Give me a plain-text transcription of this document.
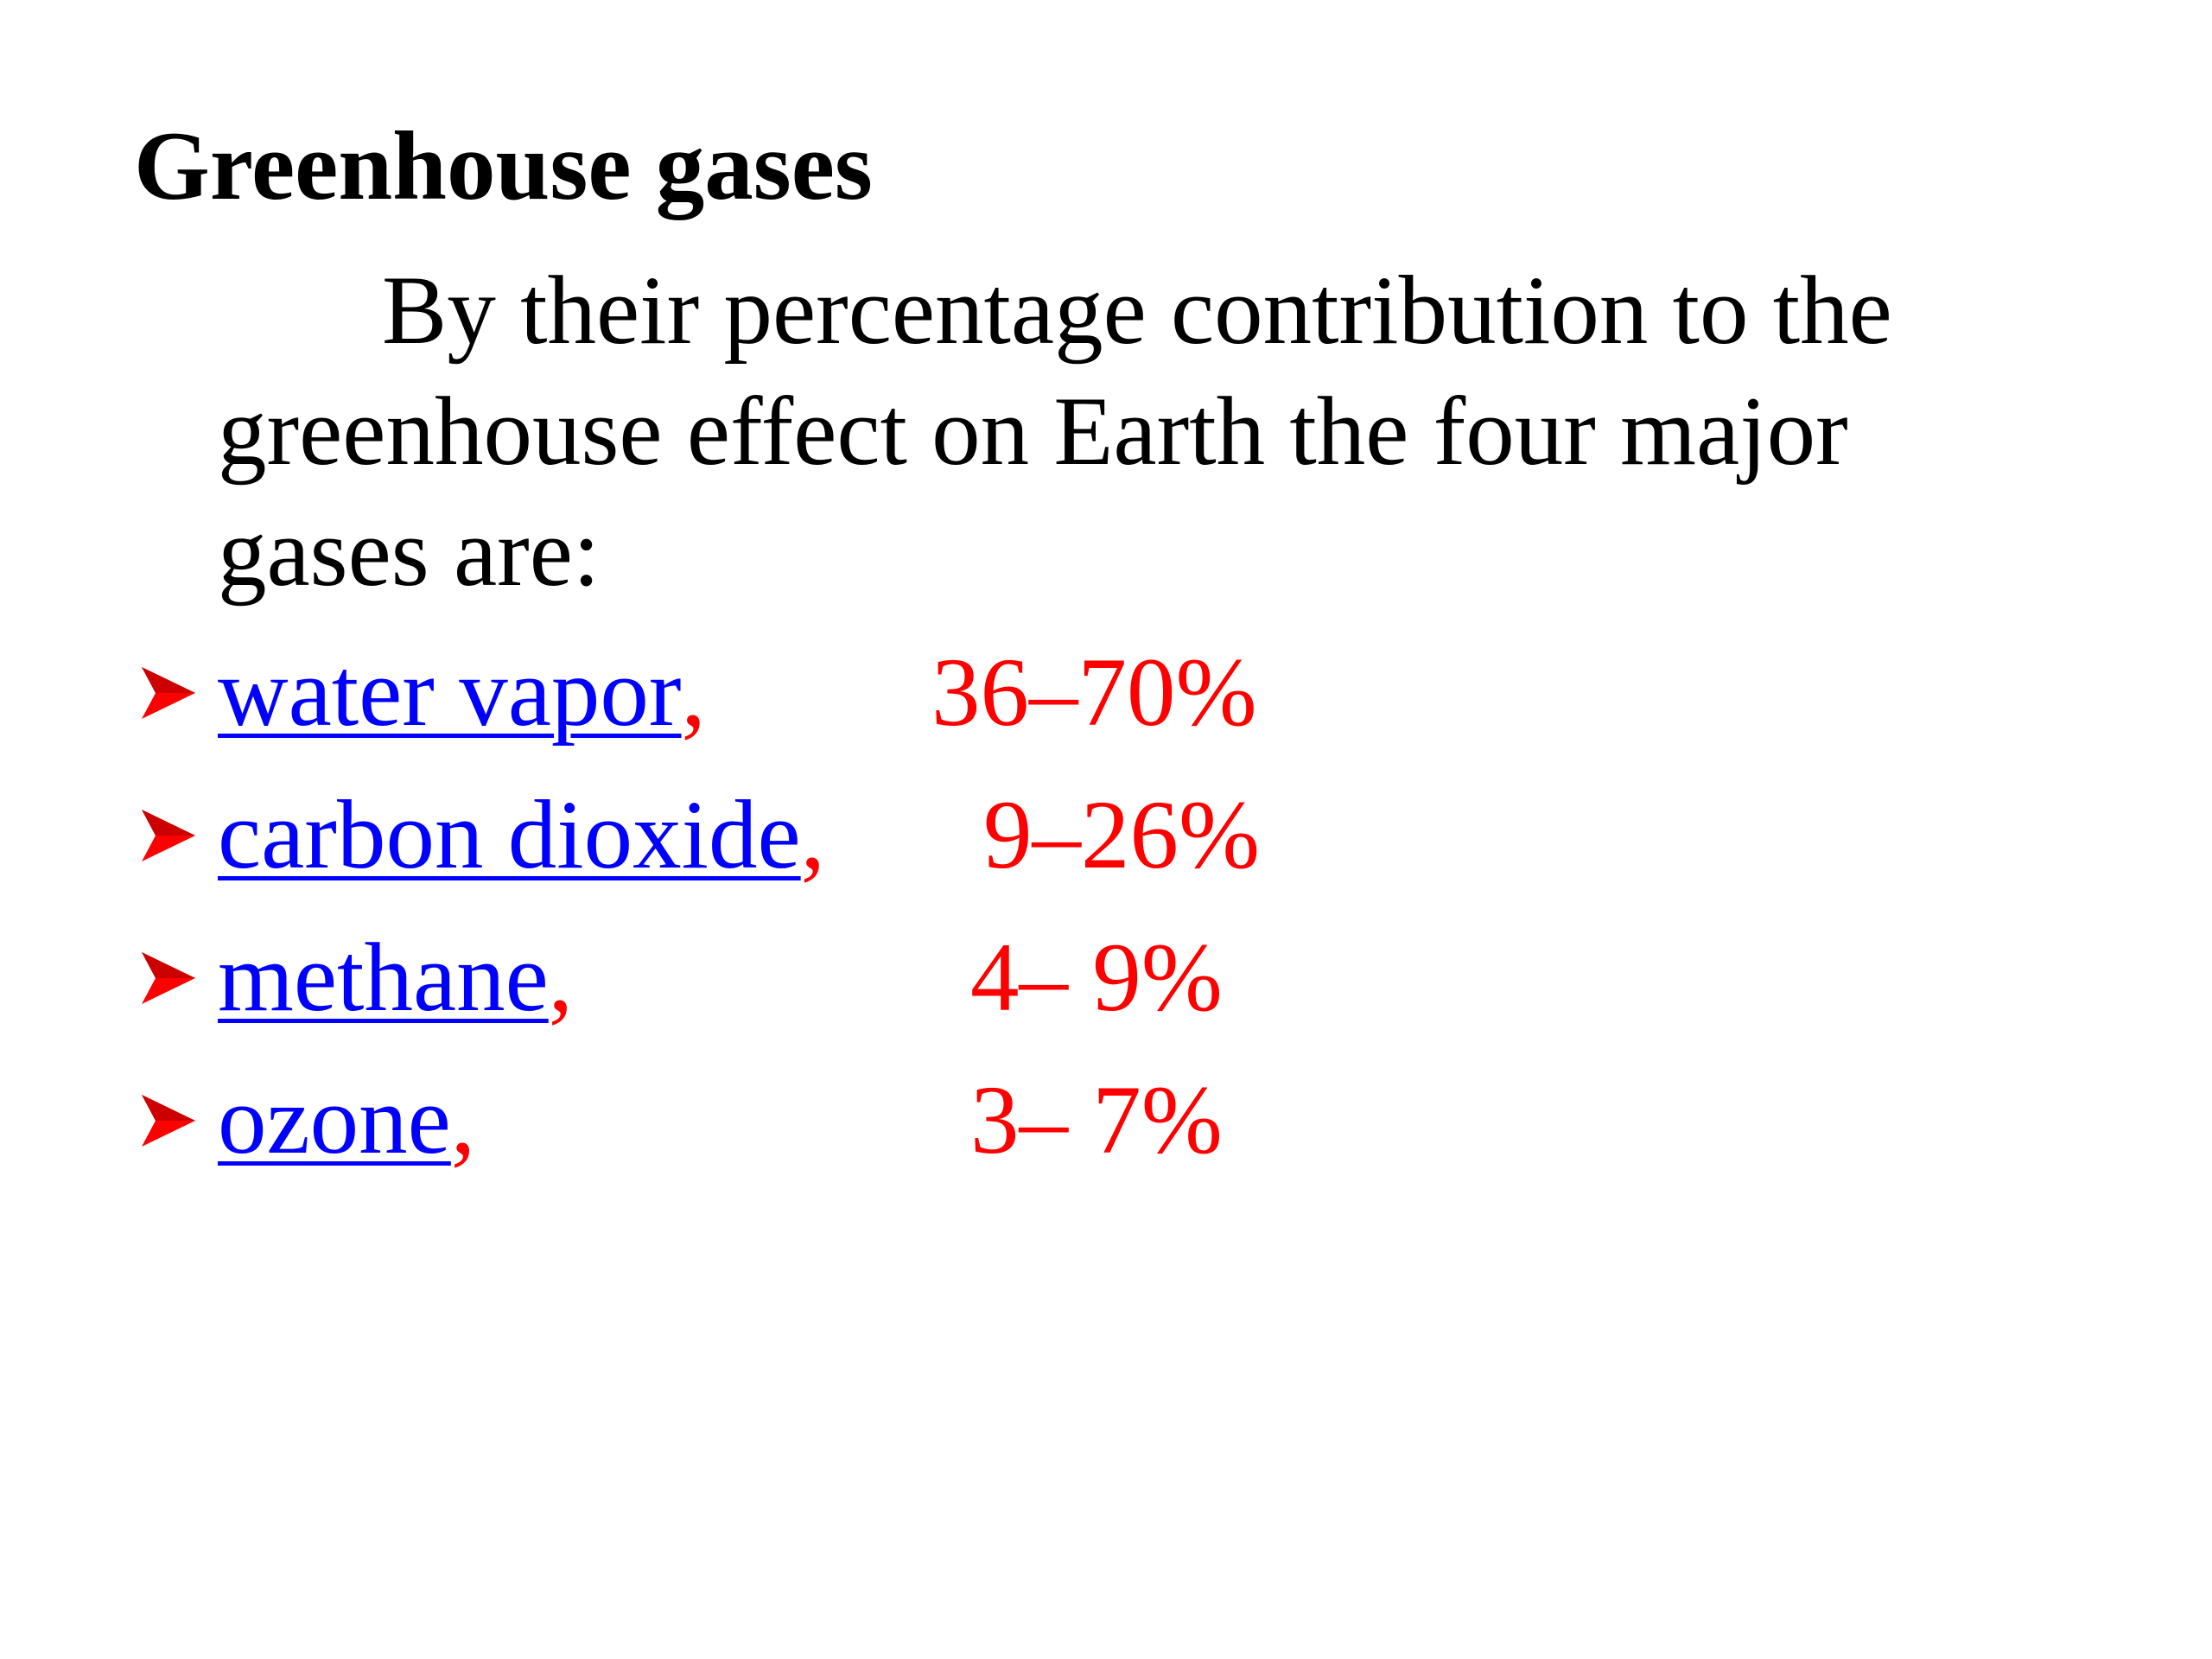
Greenhouse gases
By their percentage contribution to the greenhouse effect on Earth the four major gases are:
water vapor, 36–70%
carbon dioxide, 9–26%
methane,	4– 9%
ozone,	3– 7%
